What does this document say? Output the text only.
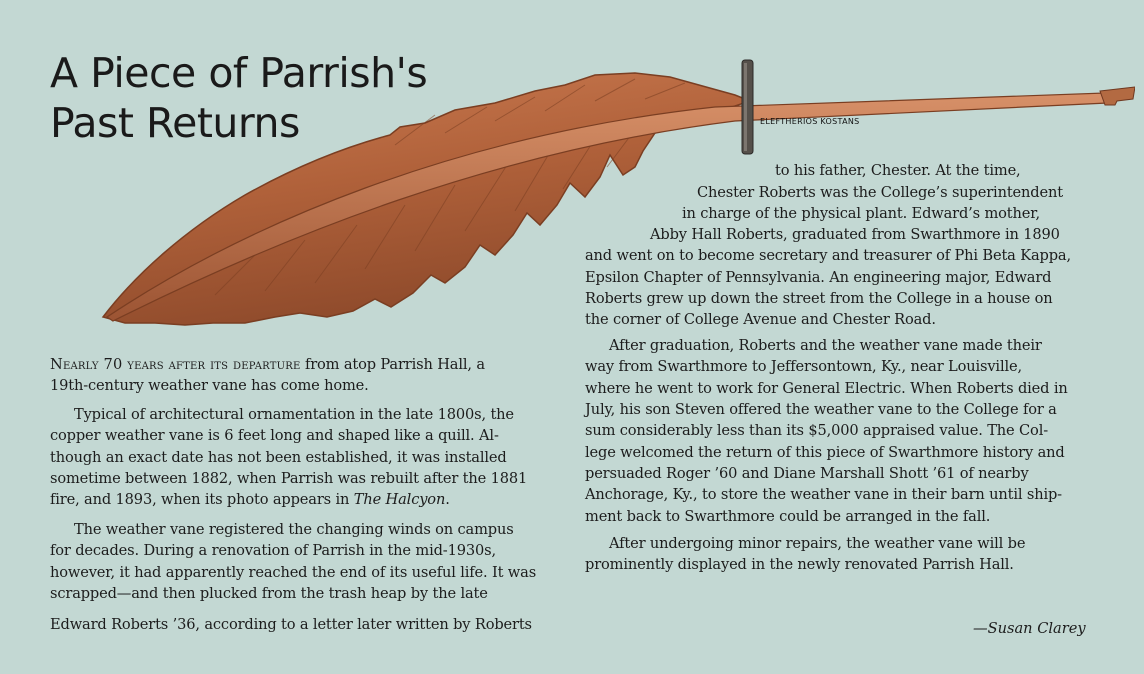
A Piece of Parrish's
Past Returns	ELEFTHERIOS KOSTANS

Nearly 70 years after its departure from atop Parrish Hall, a

19th-century weather vane has come home.

Typical of architectural ornamentation in the late 1800s, the

copper weather vane is 6 feet long and shaped like a quill. Al-

though an exact date has not been established, it was installed

sometime between 1882, when Parrish was rebuilt after the 1881

fire, and 1893, when its photo appears in The Halcyon.

The weather vane registered the changing winds on campus

for decades. During a renovation of Parrish in the mid-1930s,

however, it had apparently reached the end of its useful life. It was

scrapped—and then plucked from the trash heap by the late

Edward Roberts ’36, according to a letter later written by Roberts

to his father, Chester. At the time,

Chester Roberts was the College’s superintendent

in charge of the physical plant. Edward’s mother,

Abby Hall Roberts, graduated from Swarthmore in 1890

and went on to become secretary and treasurer of Phi Beta Kappa,

Epsilon Chapter of Pennsylvania. An engineering major, Edward

Roberts grew up down the street from the College in a house on

the corner of College Avenue and Chester Road.

After graduation, Roberts and the weather vane made their

way from Swarthmore to Jeffersontown, Ky., near Louisville,

where he went to work for General Electric. When Roberts died in

July, his son Steven offered the weather vane to the College for a

sum considerably less than its $5,000 appraised value. The Col-

lege welcomed the return of this piece of Swarthmore history and

persuaded Roger ’60 and Diane Marshall Shott ’61 of nearby

Anchorage, Ky., to store the weather vane in their barn until ship-

ment back to Swarthmore could be arranged in the fall.

After undergoing minor repairs, the weather vane will be

prominently displayed in the newly renovated Parrish Hall.

—Susan Clarey
